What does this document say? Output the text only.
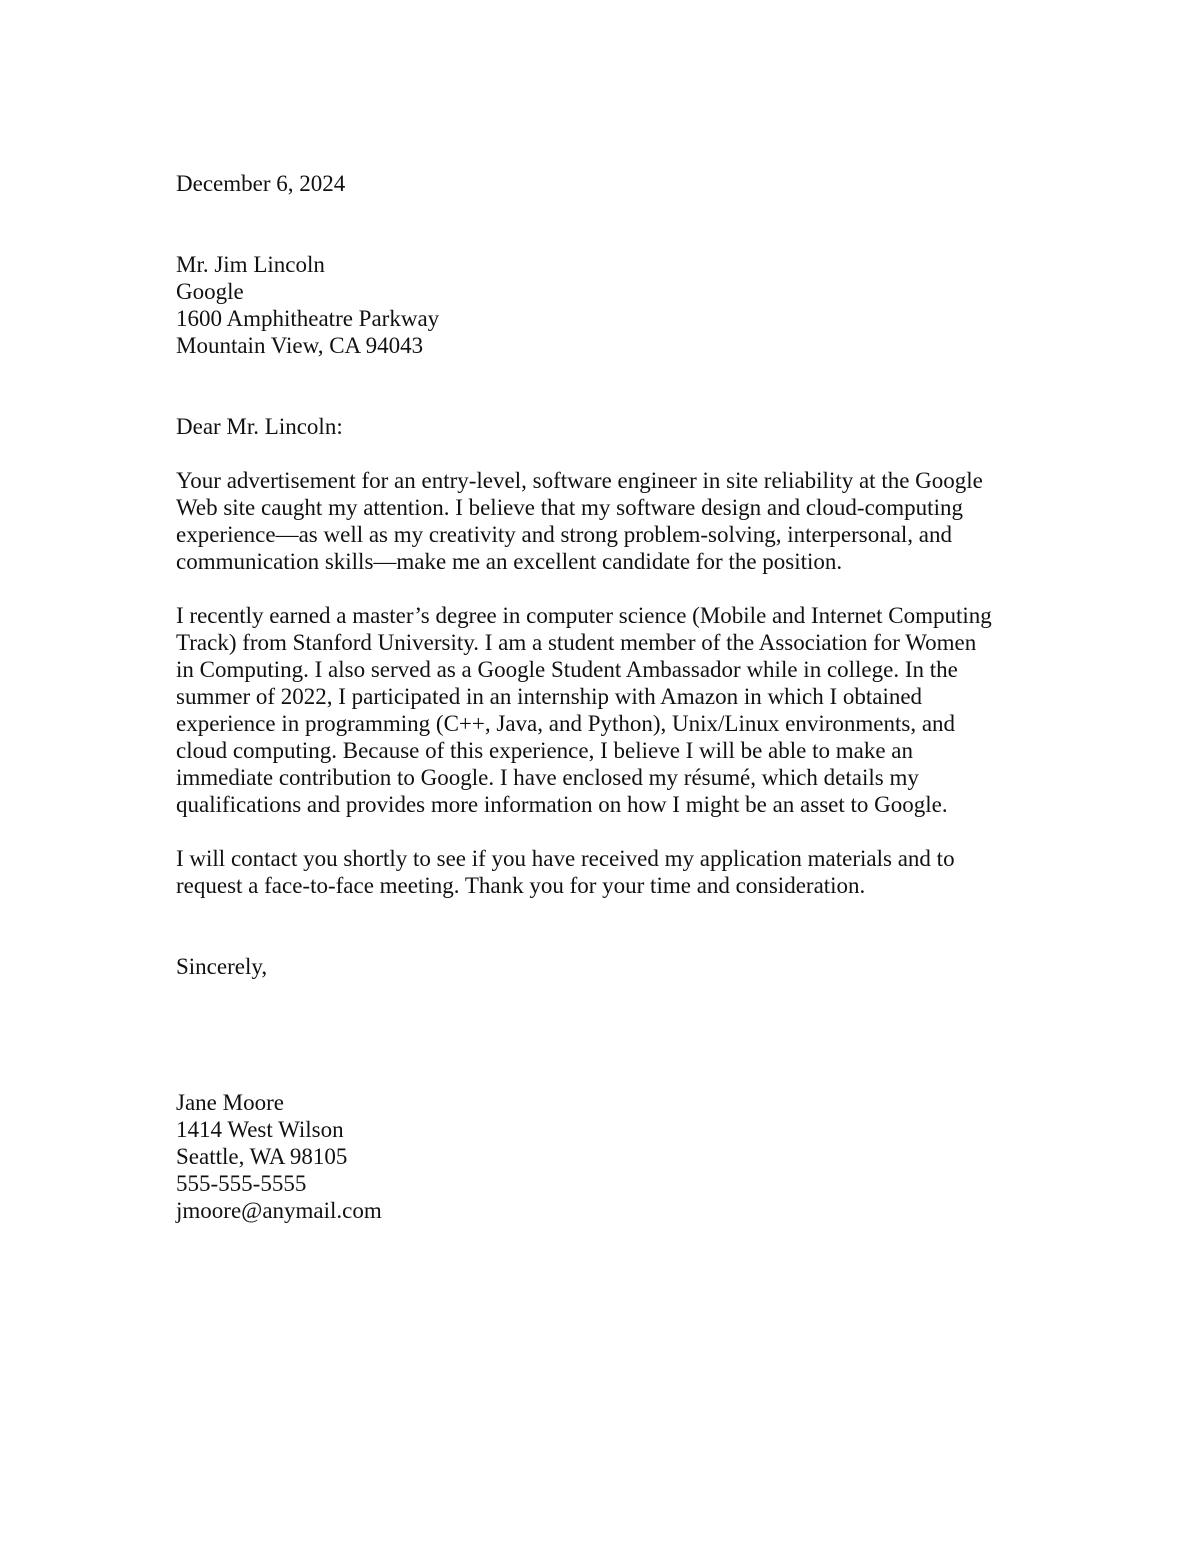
December 6, 2024
Mr. Jim Lincoln
Google
1600 Amphitheatre Parkway
Mountain View, CA 94043
Dear Mr. Lincoln:
Your advertisement for an entry-level, software engineer in site reliability at the Google
Web site caught my attention. I believe that my software design and cloud-computing
experience—as well as my creativity and strong problem-solving, interpersonal, and
communication skills—make me an excellent candidate for the position.
I recently earned a master’s degree in computer science (Mobile and Internet Computing
Track) from Stanford University. I am a student member of the Association for Women
in Computing. I also served as a Google Student Ambassador while in college. In the
summer of 2022, I participated in an internship with Amazon in which I obtained
experience in programming (C++, Java, and Python), Unix/Linux environments, and
cloud computing. Because of this experience, I believe I will be able to make an
immediate contribution to Google. I have enclosed my résumé, which details my
qualifications and provides more information on how I might be an asset to Google.
I will contact you shortly to see if you have received my application materials and to
request a face-to-face meeting. Thank you for your time and consideration.
Sincerely,
Jane Moore
1414 West Wilson
Seattle, WA 98105
555-555-5555
jmoore@anymail.com
